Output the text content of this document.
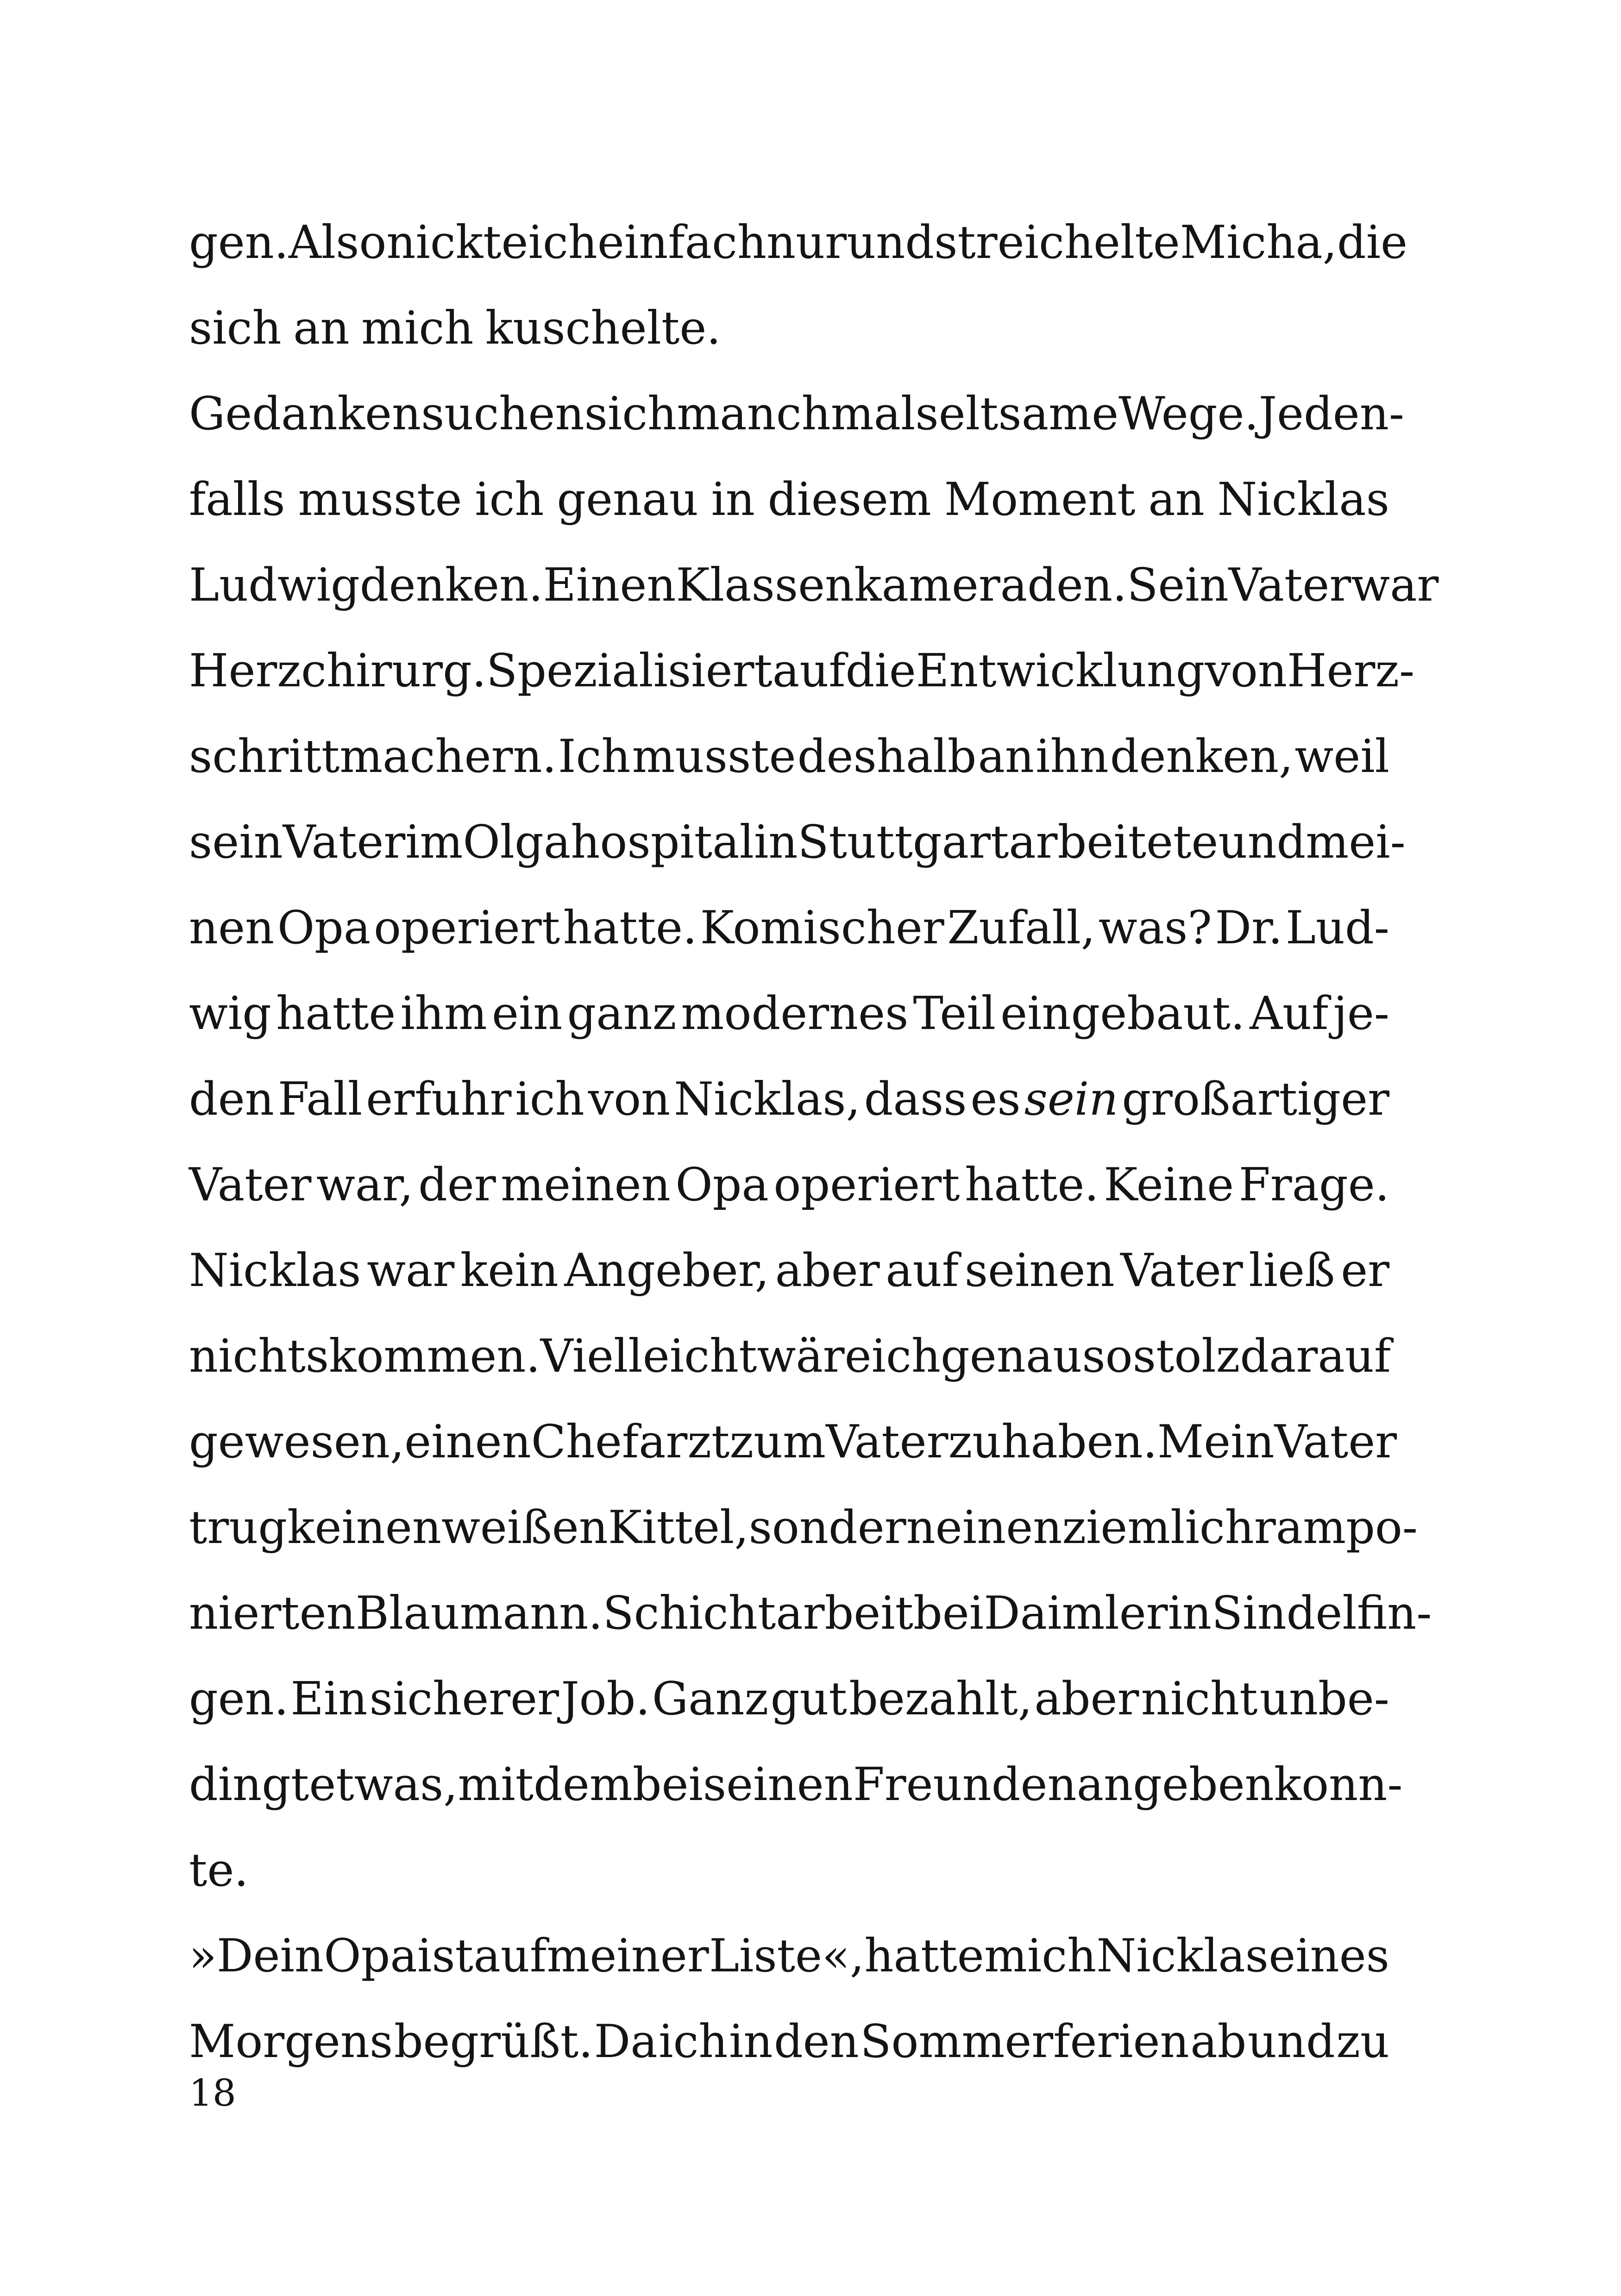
gen. Also nickte ich einfach nur und streichelte Micha, die
sich an mich kuschelte.
Gedanken suchen sich manchmal seltsame Wege. Jeden-
falls musste ich genau in diesem Moment an Nicklas
Ludwig denken. Einen Klassenkameraden. Sein Vater war
Herzchirurg. Spezialisiert auf die Entwicklung von Herz-
schrittmachern. Ich musste deshalb an ihn denken, weil
sein Vater im Olgahospital in Stuttgart arbeitete und mei-
nen Opa operiert hatte. Komischer Zufall, was? Dr. Lud-
wig hatte ihm ein ganz modernes Teil eingebaut. Auf je-
den Fall erfuhr ich von Nicklas, dass es sein großartiger
Vater war, der meinen Opa operiert hatte. Keine Frage.
Nicklas war kein Angeber, aber auf seinen Vater ließ er
nichts kommen. Vielleicht wäre ich genauso stolz darauf
gewesen, einen Chefarzt zum Vater zu haben. Mein Vater
trug keinen weißen Kittel, sondern einen ziemlich rampo-
nierten Blaumann. Schichtarbeit bei Daimler in Sindelfin-
gen. Ein sicherer Job. Ganz gut bezahlt, aber nicht unbe-
dingt etwas, mit dem bei seinen Freunden angeben konn-
te.
»Dein Opa ist auf meiner Liste«, hatte mich Nicklas eines
Morgens begrüßt. Da ich in den Sommerferien ab und zu
18
